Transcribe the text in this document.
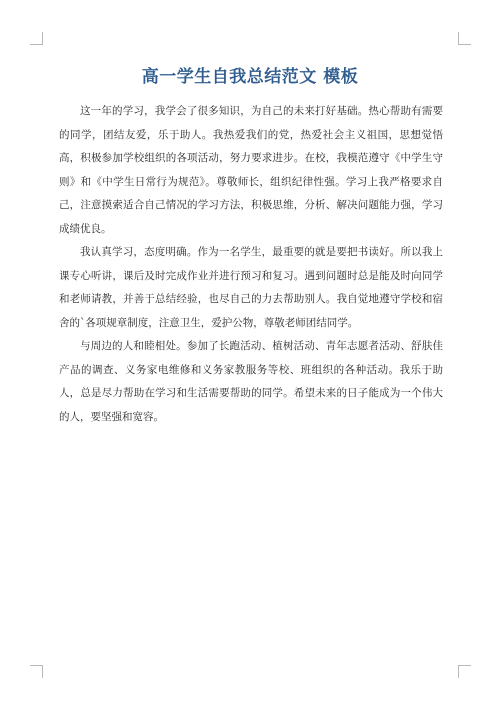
高一学生自我总结范文 模板

这一年的学习，我学会了很多知识，为自己的未来打好基础。热心帮助有需要的同学，团结友爱，乐于助人。我热爱我们的党，热爱社会主义祖国，思想觉悟高，积极参加学校组织的各项活动，努力要求进步。在校，我模范遵守《中学生守则》和《中学生日常行为规范》。尊敬师长，组织纪律性强。学习上我严格要求自己，注意摸索适合自己情况的学习方法，积极思维，分析、解决问题能力强，学习成绩优良。

我认真学习，态度明确。作为一名学生，最重要的就是要把书读好。所以我上课专心听讲，课后及时完成作业并进行预习和复习。遇到问题时总是能及时向同学和老师请教，并善于总结经验，也尽自己的力去帮助别人。我自觉地遵守学校和宿舍的`各项规章制度，注意卫生，爱护公物，尊敬老师团结同学。

与周边的人和睦相处。参加了长跑活动、植树活动、青年志愿者活动、舒肤佳产品的调查、义务家电维修和义务家教服务等校、班组织的各种活动。我乐于助人，总是尽力帮助在学习和生活需要帮助的同学。希望未来的日子能成为一个伟大的人，要坚强和宽容。
